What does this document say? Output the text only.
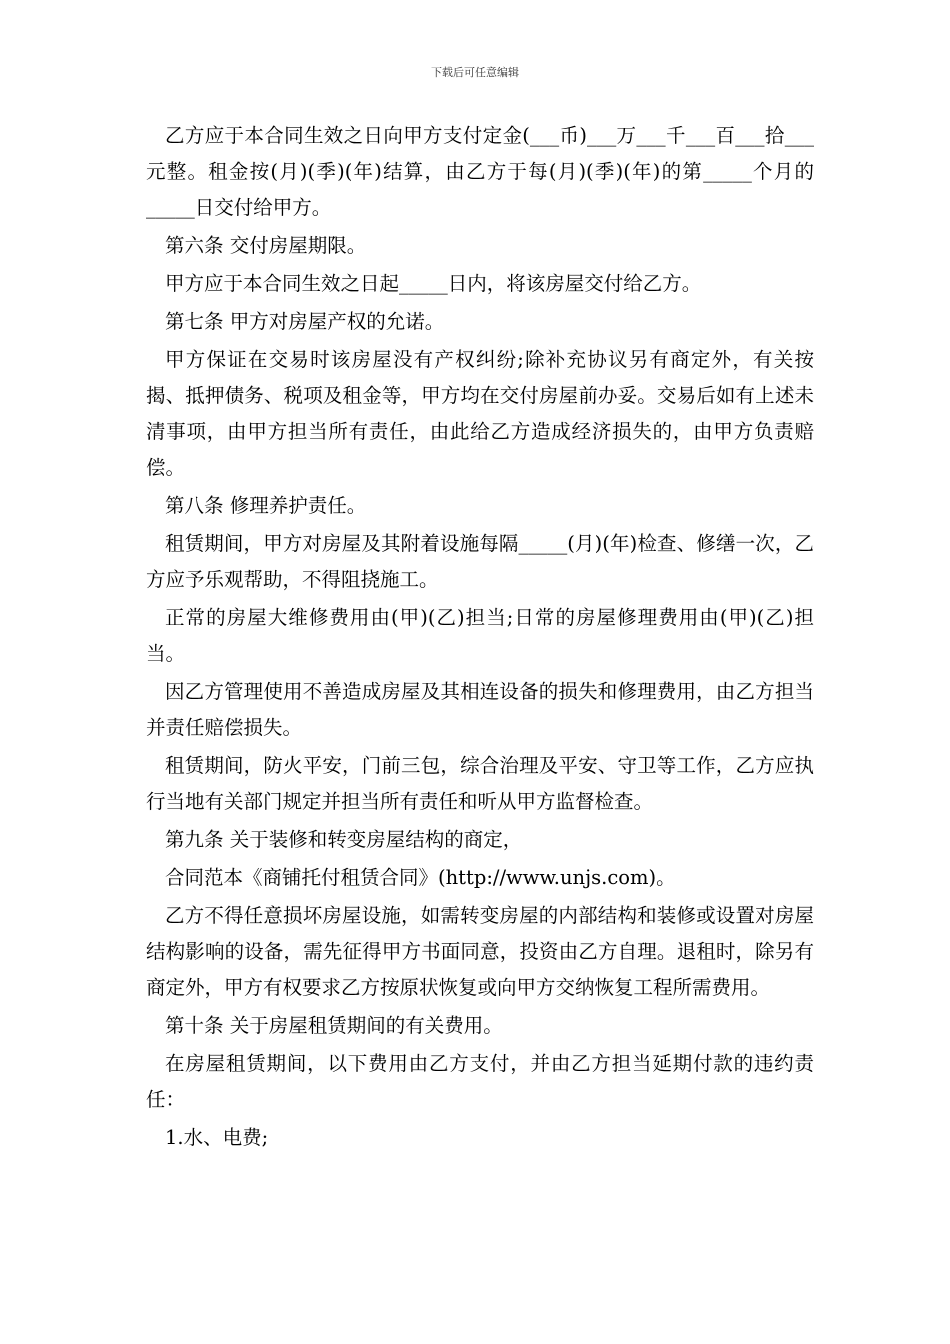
下载后可任意编辑

乙方应于本合同生效之日向甲方支付定金(___币)___万___千___百___拾___元整。租金按(月)(季)(年)结算，由乙方于每(月)(季)(年)的第_____个月的_____日交付给甲方。

第六条 交付房屋期限。

甲方应于本合同生效之日起_____日内，将该房屋交付给乙方。

第七条 甲方对房屋产权的允诺。

甲方保证在交易时该房屋没有产权纠纷;除补充协议另有商定外，有关按揭、抵押债务、税项及租金等，甲方均在交付房屋前办妥。交易后如有上述未清事项，由甲方担当所有责任，由此给乙方造成经济损失的，由甲方负责赔偿。

第八条 修理养护责任。

租赁期间，甲方对房屋及其附着设施每隔_____(月)(年)检查、修缮一次，乙方应予乐观帮助，不得阻挠施工。

正常的房屋大维修费用由(甲)(乙)担当;日常的房屋修理费用由(甲)(乙)担当。

因乙方管理使用不善造成房屋及其相连设备的损失和修理费用，由乙方担当并责任赔偿损失。

租赁期间，防火平安，门前三包，综合治理及平安、守卫等工作，乙方应执行当地有关部门规定并担当所有责任和听从甲方监督检查。

第九条 关于装修和转变房屋结构的商定，

合同范本《商铺托付租赁合同》(http://www.unjs.com)。

乙方不得任意损坏房屋设施，如需转变房屋的内部结构和装修或设置对房屋结构影响的设备，需先征得甲方书面同意，投资由乙方自理。退租时，除另有商定外，甲方有权要求乙方按原状恢复或向甲方交纳恢复工程所需费用。

第十条 关于房屋租赁期间的有关费用。

在房屋租赁期间，以下费用由乙方支付，并由乙方担当延期付款的违约责任：

1.水、电费;
